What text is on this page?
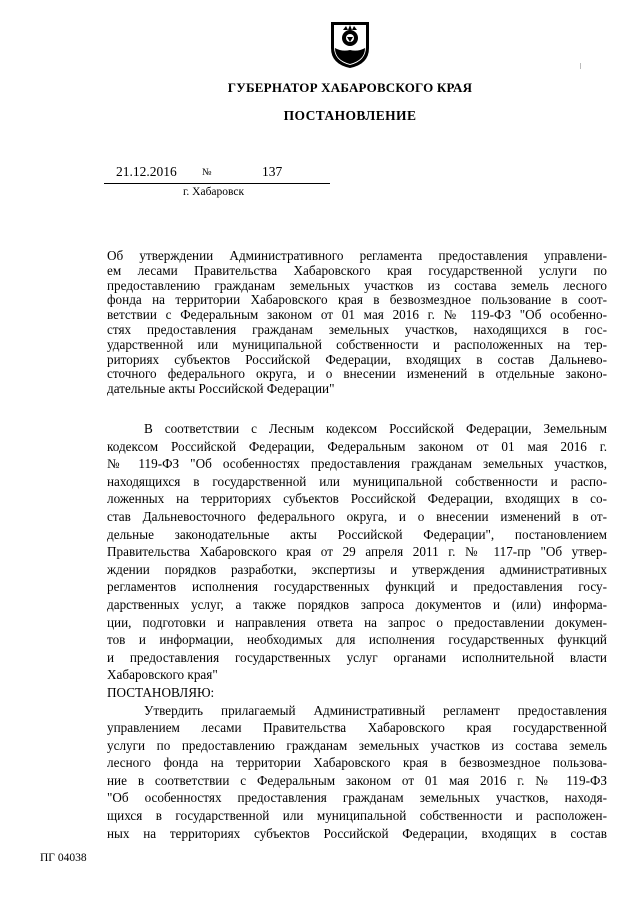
ГУБЕРНАТОР ХАБАРОВСКОГО КРАЯ
ПОСТАНОВЛЕНИЕ
21.12.2016	№	137
г. Хабаровск
Об утверждении Административного регламента предоставления управлени-
ем лесами Правительства Хабаровского края государственной услуги по
предоставлению гражданам земельных участков из состава земель лесного
фонда на территории Хабаровского края в безвозмездное пользование в соот-
ветствии с Федеральным законом от 01 мая 2016 г. № 119-ФЗ "Об особенно-
стях предоставления гражданам земельных участков, находящихся в гос-
ударственной или муниципальной собственности и расположенных на тер-
риториях субъектов Российской Федерации, входящих в состав Дальнево-
сточного федерального округа, и о внесении изменений в отдельные законо-
дательные акты Российской Федерации"
В соответствии с Лесным кодексом Российской Федерации, Земельным
кодексом Российской Федерации, Федеральным законом от 01 мая 2016 г.
№ 119-ФЗ "Об особенностях предоставления гражданам земельных участков,
находящихся в государственной или муниципальной собственности и распо-
ложенных на территориях субъектов Российской Федерации, входящих в со-
став Дальневосточного федерального округа, и о внесении изменений в от-
дельные законодательные акты Российской Федерации", постановлением
Правительства Хабаровского края от 29 апреля 2011 г. № 117-пр "Об утвер-
ждении порядков разработки, экспертизы и утверждения административных
регламентов исполнения государственных функций и предоставления госу-
дарственных услуг, а также порядков запроса документов и (или) информа-
ции, подготовки и направления ответа на запрос о предоставлении докумен-
тов и информации, необходимых для исполнения государственных функций
и предоставления государственных услуг органами исполнительной власти
Хабаровского края"
ПОСТАНОВЛЯЮ:
Утвердить прилагаемый Административный регламент предоставления
управлением лесами Правительства Хабаровского края государственной
услуги по предоставлению гражданам земельных участков из состава земель
лесного фонда на территории Хабаровского края в безвозмездное пользова-
ние в соответствии с Федеральным законом от 01 мая 2016 г. № 119-ФЗ
"Об особенностях предоставления гражданам земельных участков, находя-
щихся в государственной или муниципальной собственности и расположен-
ных на территориях субъектов Российской Федерации, входящих в состав
ПГ 04038
